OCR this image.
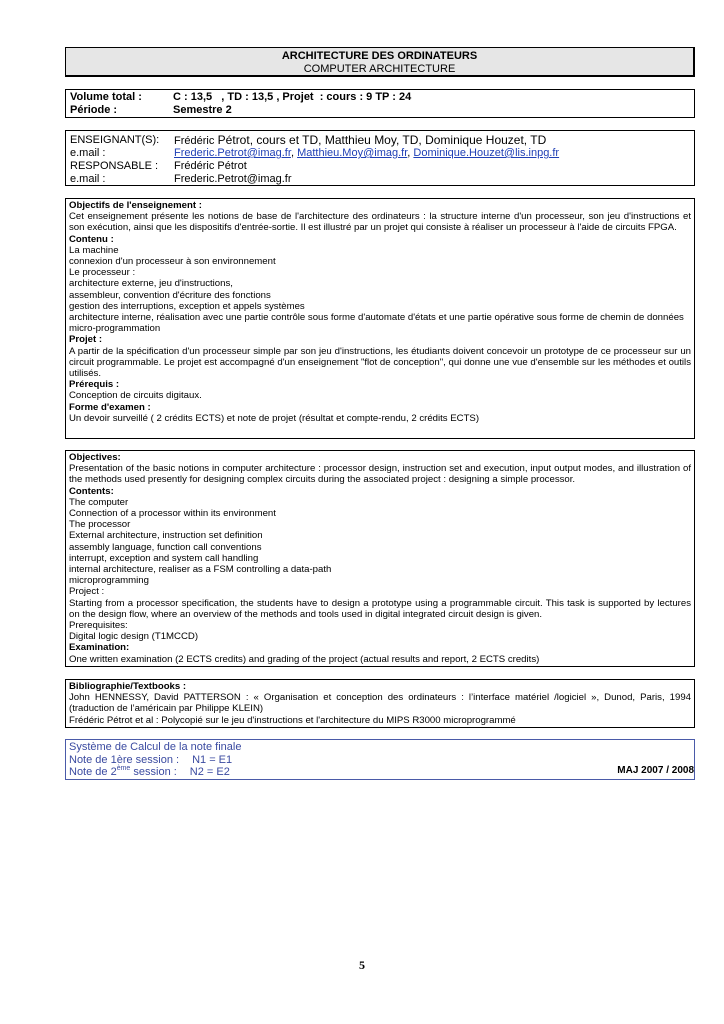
ARCHITECTURE DES ORDINATEURS
COMPUTER ARCHITECTURE
Volume total :	C : 13,5   , TD : 13,5 , Projet  : cours : 9 TP : 24
Période :	Semestre 2
ENSEIGNANT(S): Frédéric Pétrot, cours et TD, Matthieu Moy, TD, Dominique Houzet, TD
e.mail :	Frederic.Petrot@imag.fr, Matthieu.Moy@imag.fr, Dominique.Houzet@lis.inpg.fr
RESPONSABLE : Frédéric Pétrot
e.mail :	Frederic.Petrot@imag.fr

Objectifs de l'enseignement :

Cet enseignement présente les notions de base de l'architecture des ordinateurs : la structure interne d'un processeur, son jeu d'instructions et son exécution, ainsi que les dispositifs d'entrée-sortie. Il est illustré par un projet qui consiste à réaliser un processeur à l'aide de circuits FPGA.

Contenu :

La machine

connexion d'un processeur à son environnement

Le processeur :

architecture externe, jeu d'instructions,

assembleur, convention d'écriture des fonctions

gestion des interruptions, exception et appels systèmes

architecture interne, réalisation avec une partie contrôle sous forme d'automate d'états et une partie opérative sous forme de chemin de données

micro-programmation

Projet :

A partir de la spécification d'un processeur simple par son jeu d'instructions, les étudiants doivent concevoir un prototype de ce processeur sur un circuit programmable. Le projet est accompagné d'un enseignement "flot de conception", qui donne une vue d'ensemble sur les méthodes et outils utilisés.

Prérequis :

Conception de circuits digitaux.

Forme d'examen :

Un devoir surveillé ( 2 crédits ECTS) et note de projet (résultat et compte-rendu, 2 crédits ECTS)

Objectives:

Presentation of the basic notions in computer architecture : processor design, instruction set and execution, input output modes, and illustration of the methods used presently for designing complex circuits during the associated project : designing a simple processor.

Contents:

The computer

Connection of a processor within its environment

The processor

External architecture, instruction set definition

assembly language, function call conventions

interrupt, exception and system call handling

internal architecture, realiser as a FSM controlling a data-path

microprogramming

Project :

Starting from a processor specification, the students have to design a prototype using a programmable circuit. This task is supported by lectures on the design flow, where an overview of the methods and tools used in digital integrated circuit design is given.

Prerequisites:

Digital logic design (T1MCCD)

Examination:

One written examination (2 ECTS credits) and grading of the project (actual results and report, 2 ECTS credits)

Bibliographie/Textbooks :

John HENNESSY, David PATTERSON : « Organisation et conception des ordinateurs : l’interface matériel /logiciel », Dunod, Paris, 1994 (traduction de l’américain par Philippe KLEIN)

Frédéric Pétrot et al : Polycopié sur le jeu d'instructions et l'architecture du MIPS R3000 microprogrammé

Système de Calcul de la note finale
Note de 1ère session : N1 = E1
Note de 2ème session : N2 = E2	MAJ 2007 / 2008
5
